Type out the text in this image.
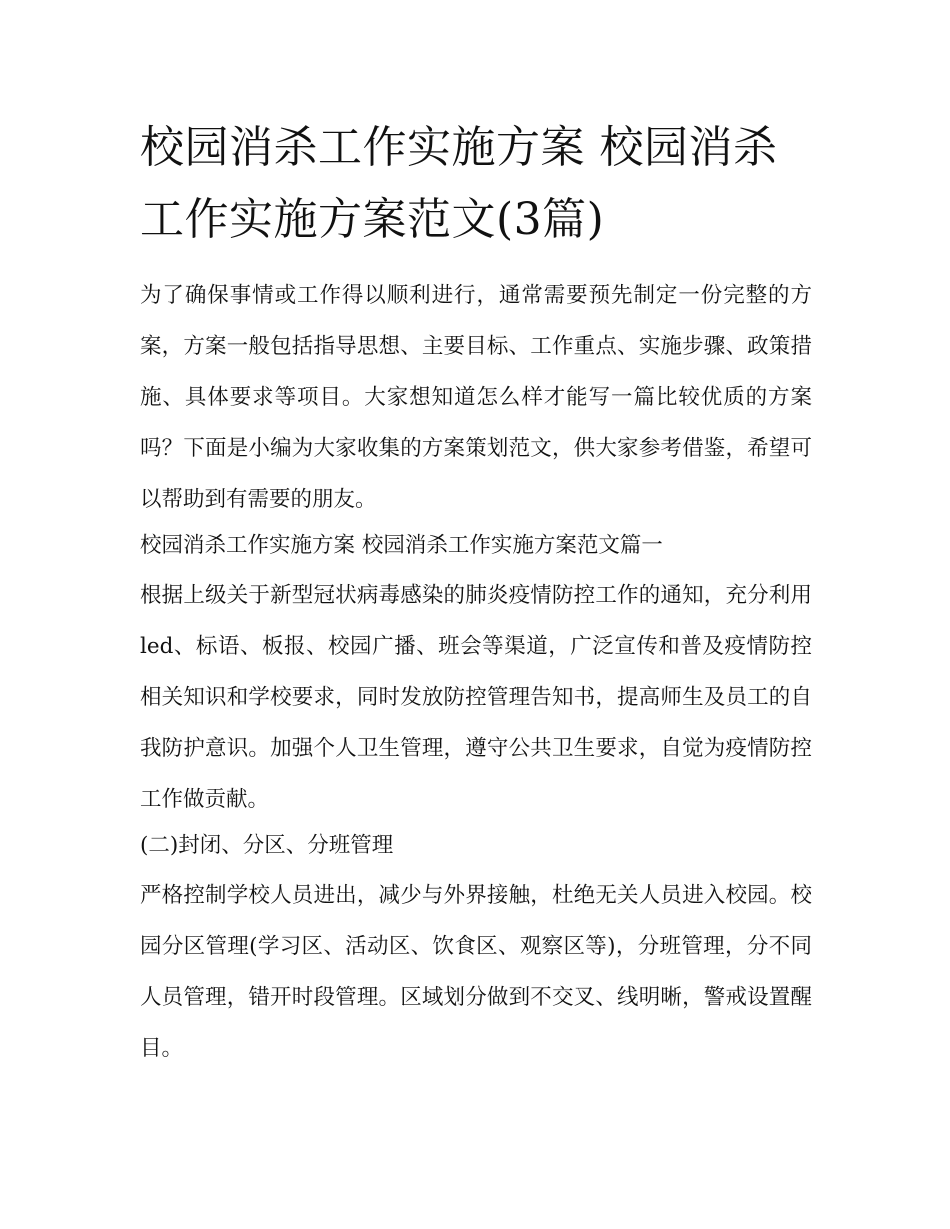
校园消杀工作实施方案 校园消杀工作实施方案范文(3篇)

为了确保事情或工作得以顺利进行，通常需要预先制定一份完整的方案，方案一般包括指导思想、主要目标、工作重点、实施步骤、政策措施、具体要求等项目。大家想知道怎么样才能写一篇比较优质的方案吗？下面是小编为大家收集的方案策划范文，供大家参考借鉴，希望可以帮助到有需要的朋友。

校园消杀工作实施方案 校园消杀工作实施方案范文篇一

根据上级关于新型冠状病毒感染的肺炎疫情防控工作的通知，充分利用led、标语、板报、校园广播、班会等渠道，广泛宣传和普及疫情防控相关知识和学校要求，同时发放防控管理告知书，提高师生及员工的自我防护意识。加强个人卫生管理，遵守公共卫生要求，自觉为疫情防控工作做贡献。

(二)封闭、分区、分班管理

严格控制学校人员进出，减少与外界接触，杜绝无关人员进入校园。校园分区管理(学习区、活动区、饮食区、观察区等)，分班管理，分不同人员管理，错开时段管理。区域划分做到不交叉、线明晰，警戒设置醒目。
